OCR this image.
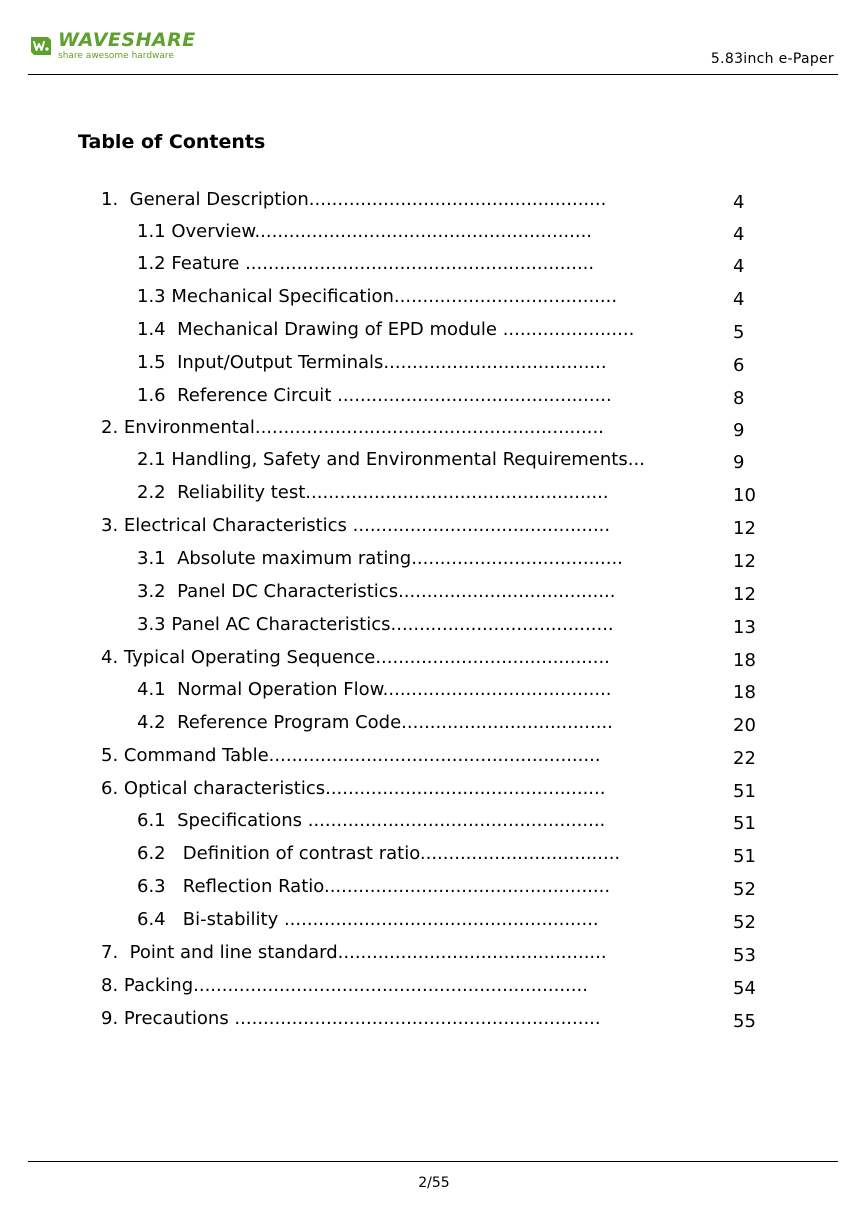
WAVESHARE
share awesome hardware	5.83inch e-Paper
Table of Contents
1.  General Description....................................................	4
1.1 Overview...........................................................	4
1.2 Feature .............................................................	4
1.3 Mechanical Specification.......................................	4
1.4  Mechanical Drawing of EPD module .......................	5
1.5  Input/Output Terminals.......................................	6
1.6  Reference Circuit ................................................	8
2. Environmental.............................................................	9
2.1 Handling, Safety and Environmental Requirements...	9
2.2  Reliability test.....................................................	10
3. Electrical Characteristics .............................................	12
3.1  Absolute maximum rating.....................................	12
3.2  Panel DC Characteristics......................................	12
3.3 Panel AC Characteristics.......................................	13
4. Typical Operating Sequence.........................................	18
4.1  Normal Operation Flow........................................	18
4.2  Reference Program Code.....................................	20
5. Command Table..........................................................	22
6. Optical characteristics.................................................	51
6.1  Specifications ....................................................	51
6.2   Definition of contrast ratio...................................	51
6.3   Reflection Ratio..................................................	52
6.4   Bi-stability .......................................................	52
7.  Point and line standard...............................................	53
8. Packing.....................................................................	54
9. Precautions ................................................................	55
2/55
